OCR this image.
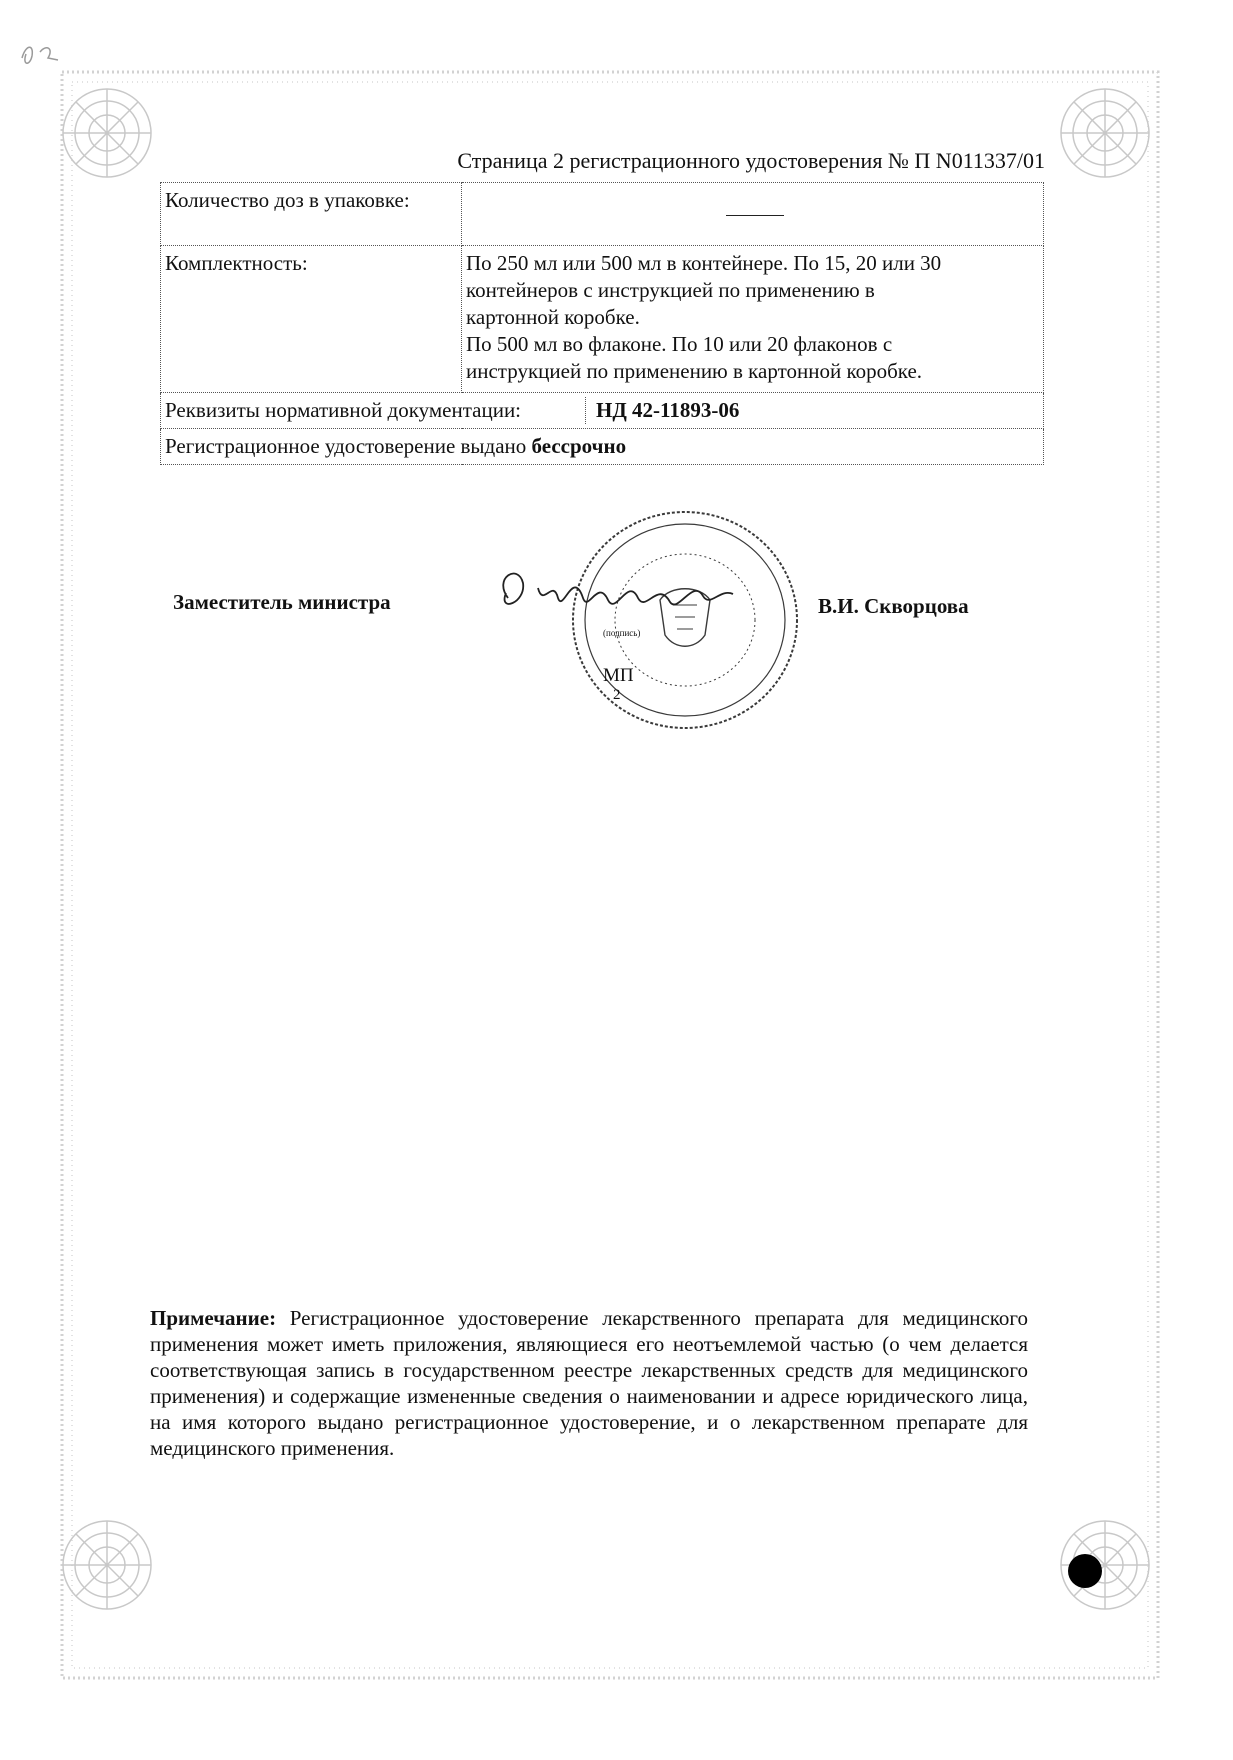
Страница 2 регистрационного удостоверения № П N011337/01
Количество доз в упаковке:	
Комплектность:	По 250 мл или 500 мл в контейнере. По 15, 20 или 30
контейнеров с инструкцией по применению в
картонной коробке.
По 500 мл во флаконе. По 10 или 20 флаконов с
инструкцией по применению в картонной коробке.

Реквизиты нормативной документации: НД 42-11893-06	
Регистрационное удостоверение выдано бессрочно	
Заместитель министра
(подпись)
МП
2
В.И. Скворцова
Примечание: Регистрационное удостоверение лекарственного препарата для медицинского применения может иметь приложения, являющиеся его неотъемлемой частью (о чем делается соответствующая запись в государственном реестре лекарственных средств для медицинского применения) и содержащие измененные сведения о наименовании и адресе юридического лица, на имя которого выдано регистрационное удостоверение, и о лекарственном препарате для медицинского применения.
